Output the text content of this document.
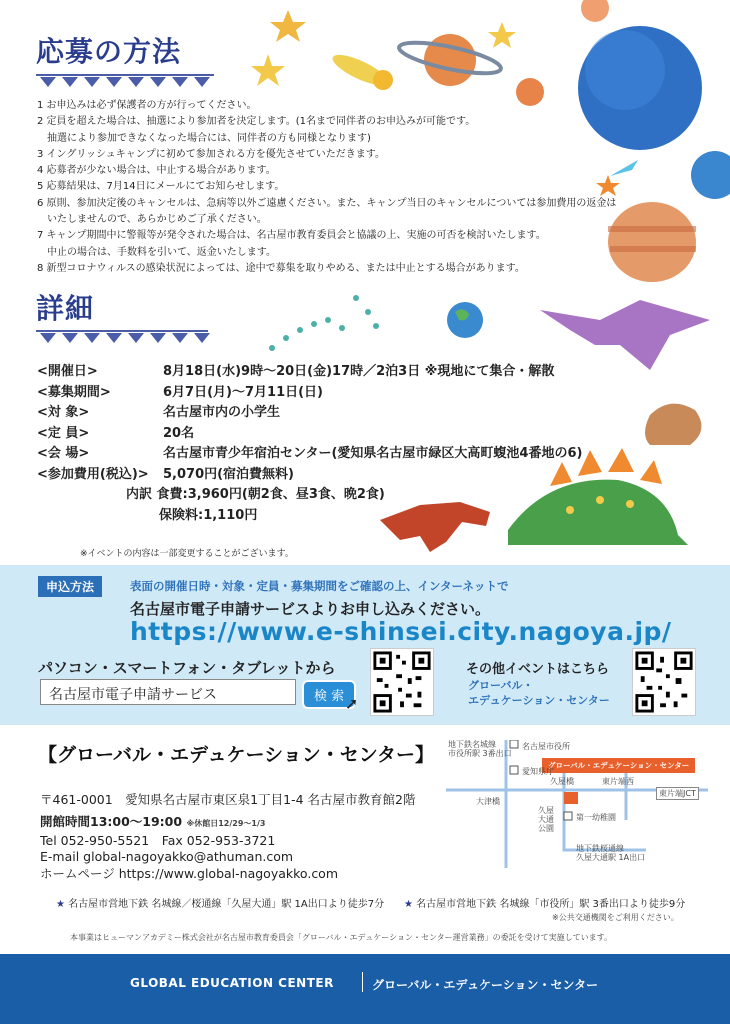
応募の方法
1 お申込みは必ず保護者の方が行ってください。
2 定員を超えた場合は、抽選により参加者を決定します。(1名まで同伴者のお申込みが可能です。
　抽選により参加できなくなった場合には、同伴者の方も同様となります)
3 イングリッシュキャンプに初めて参加される方を優先させていただきます。
4 応募者が少ない場合は、中止する場合があります。
5 応募結果は、7月14日にメールにてお知らせします。
6 原則、参加決定後のキャンセルは、急病等以外ご遠慮ください。また、キャンプ当日のキャンセルについては参加費用の返金は
　いたしませんので、あらかじめご了承ください。
7 キャンプ期間中に警報等が発令された場合は、名古屋市教育委員会と協議の上、実施の可否を検討いたします。
　中止の場合は、手数料を引いて、返金いたします。
8 新型コロナウィルスの感染状況によっては、途中で募集を取りやめる、または中止とする場合があります。
詳細
<開催日>	8月18日(水)9時〜20日(金)17時／2泊3日 ※現地にて集合・解散
<募集期間>	6月7日(月)〜7月11日(日)
<対 象>	名古屋市内の小学生
<定 員>	20名
<会 場>	名古屋市青少年宿泊センター(愛知県名古屋市緑区大高町蝮池4番地の6)
<参加費用(税込)>	5,070円(宿泊費無料)
内訳 食費:3,960円(朝2食、昼3食、晩2食)
保険料:1,110円
※イベントの内容は一部変更することがございます。
申込方法	表面の開催日時・対象・定員・募集期間をご確認の上、インターネットで
名古屋市電子申請サービスよりお申し込みください。
https://www.e-shinsei.city.nagoya.jp/
パソコン・スマートフォン・タブレットから
名古屋市電子申請サービス	検 索 ➚
その他イベントはこちら
グローバル・
エデュケーション・センター
【グローバル・エデュケーション・センター】
〒461-0001　愛知県名古屋市東区泉1丁目1-4 名古屋市教育館2階
開館時間13:00〜19:00 ※休館日12/29〜1/3
Tel 052-950-5521　Fax 052-953-3721
E-mail global-nagoyakko@athuman.com
ホームページ https://www.global-nagoyakko.com
グローバル・エデュケーション・センター
地下鉄名城線
市役所駅 3番出口
名古屋市役所
愛知県庁
大津橋
久屋橋	東片端西
東片端JCT
久屋大通公園
第一幼稚園
地下鉄桜通線
久屋大通駅 1A出口
★ 名古屋市営地下鉄 名城線／桜通線「久屋大通」駅 1A出口より徒歩7分 ★ 名古屋市営地下鉄 名城線「市役所」駅 3番出口より徒歩9分
※公共交通機関をご利用ください。
本事業はヒューマンアカデミー株式会社が名古屋市教育委員会「グローバル・エデュケーション・センター運営業務」の委託を受けて実施しています。
GLOBAL EDUCATION CENTER	グローバル・エデュケーション・センター
